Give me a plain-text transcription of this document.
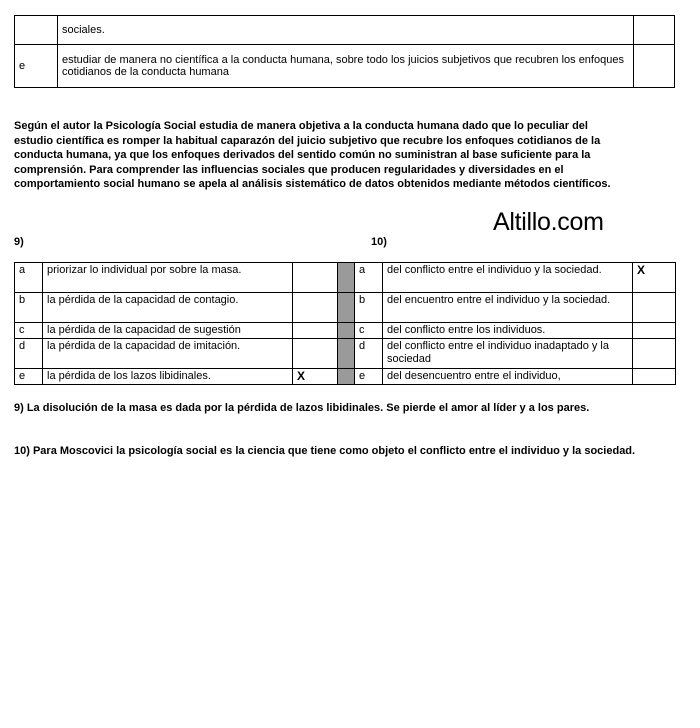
	sociales.	
e	estudiar de manera no científica a la conducta humana, sobre todo los juicios subjetivos que recubren los enfoques cotidianos de la conducta humana	

Según el autor la Psicología Social estudia de manera objetiva a la conducta humana dado que lo peculiar del estudio científica es romper la habitual caparazón del juicio subjetivo que recubre los enfoques cotidianos de la conducta humana, ya que los enfoques derivados del sentido común no suministran al base suficiente para la comprensión. Para comprender las influencias sociales que producen regularidades y diversidades en el comportamiento social humano se apela al análisis sistemático de datos obtenidos mediante métodos científicos.

Altillo.com

9)	10)

a	priorizar lo individual por sobre la masa.			a	del conflicto entre el individuo y la sociedad.	X
b	la pérdida de la capacidad de contagio.			b	del encuentro entre el individuo y la sociedad.	
c	la pérdida de la capacidad de sugestión			c	del conflicto entre los individuos.	
d	la pérdida de la capacidad de imitación.			d	del conflicto entre el individuo inadaptado y la sociedad	
e	la pérdida de los lazos libidinales.	X		e	del desencuentro entre el individuo,	

9) La disolución de la masa es dada por la pérdida de lazos libidinales. Se pierde el amor al líder y a los pares.

10) Para Moscovici la psicología social es la ciencia que tiene como objeto el conflicto entre el individuo y la sociedad.
